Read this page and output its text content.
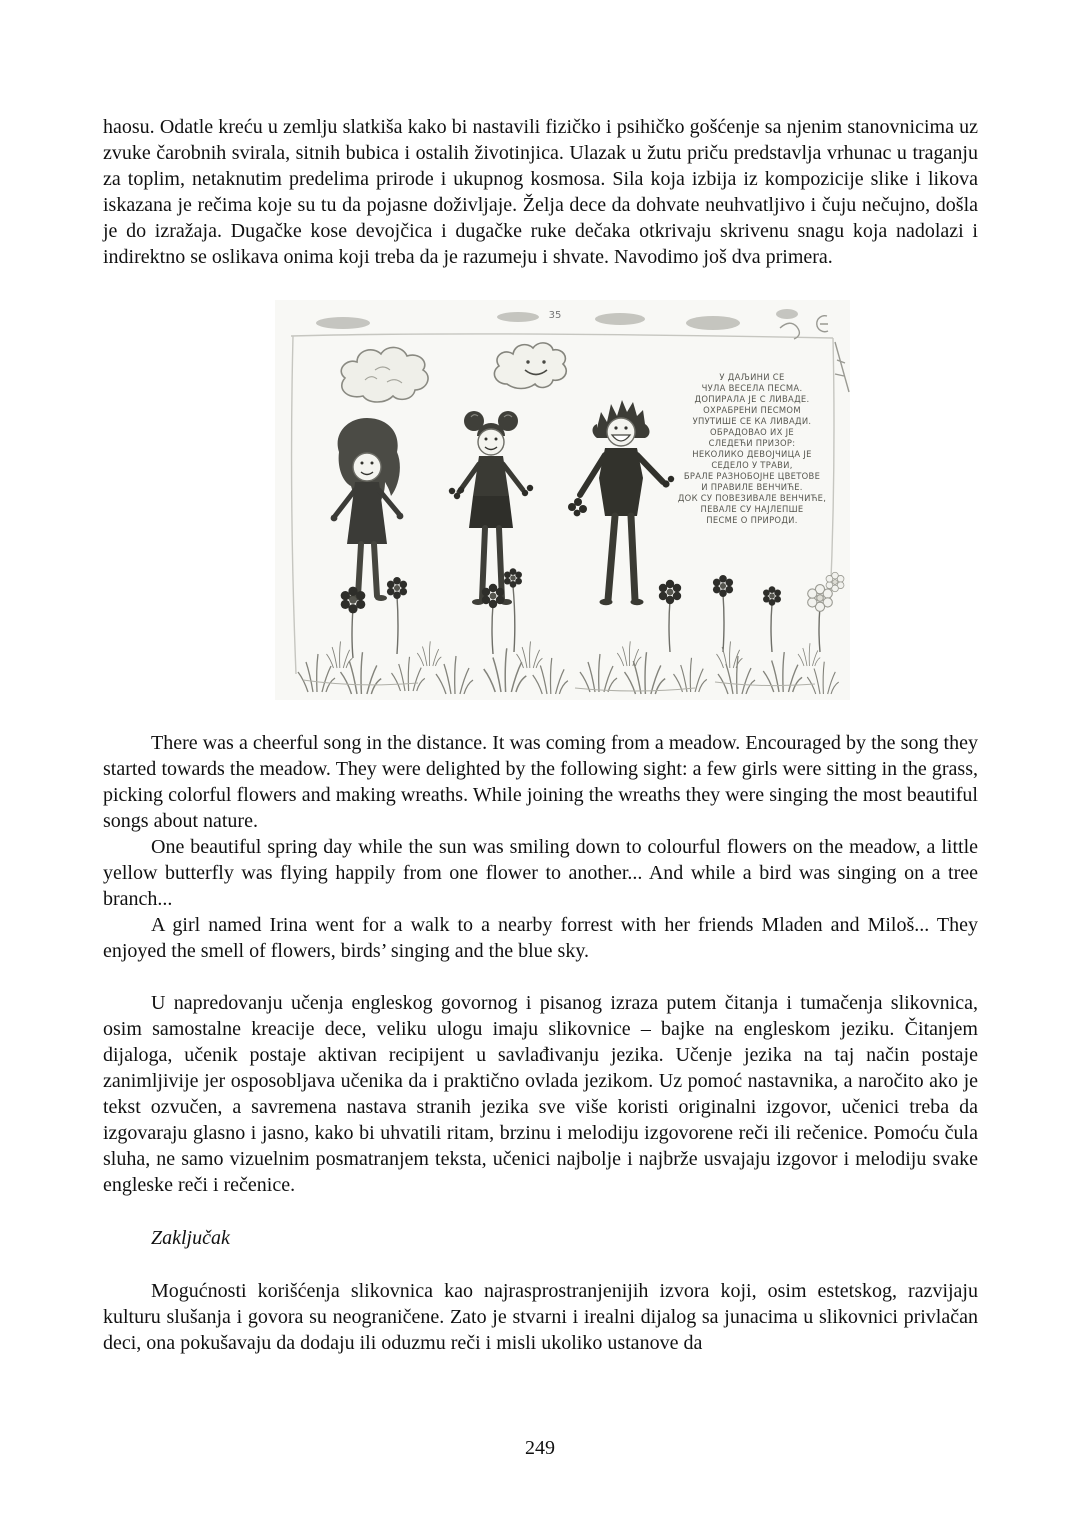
haosu. Odatle kreću u zemlju slatkiša kako bi nastavili fizičko i psihičko gošćenje sa njenim stanovnicima uz zvuke čarobnih svirala, sitnih bubica i ostalih životinjica. Ulazak u žutu priču predstavlja vrhunac u traganju za toplim, netaknutim predelima prirode i ukupnog kosmosa. Sila koja izbija iz kompozicije slike i likova iskazana je rečima koje su tu da pojasne doživljaje. Želja dece da dohvate neuhvatljivo i čuju nečujno, došla je do izražaja. Dugačke kose devojčica i dugačke ruke dečaka otkrivaju skrivenu snagu koja nadolazi i indirektno se oslikava onima koji treba da je razumeju i shvate. Navodimo još dva primera.

35
У ДАЉИНИ СЕ
ЧУЛА ВЕСЕЛА ПЕСМА.
ДОПИРАЛА ЈЕ С ЛИВАДЕ.
ОХРАБРЕНИ ПЕСМОМ
УПУТИШЕ СЕ КА ЛИВАДИ.
ОБРАДОВАО ИХ ЈЕ
СЛЕДЕЋИ ПРИЗОР:
НЕКОЛИКО ДЕВОЈЧИЦА ЈЕ
СЕДЕЛО У ТРАВИ,
БРАЛЕ РАЗНОБОЈНЕ ЦВЕТОВЕ
И ПРАВИЛЕ ВЕНЧИЋЕ.
ДОК СУ ПОВЕЗИВАЛЕ ВЕНЧИЋЕ,
ПЕВАЛЕ СУ НАЈЛЕПШЕ
ПЕСМЕ О ПРИРОДИ.

There was a cheerful song in the distance. It was coming from a meadow. Encouraged by the song they started towards the meadow. They were delighted by the following sight: a few girls were sitting in the grass, picking colorful flowers and making wreaths. While joining the wreaths they were singing the most beautiful songs about nature.

One beautiful spring day while the sun was smiling down to colourful flowers on the meadow, a little yellow butterfly was flying happily from one flower to another... And while a bird was singing on a tree branch...

A girl named Irina went for a walk to a nearby forrest with her friends Mladen and Miloš... They enjoyed the smell of flowers, birds’ singing and the blue sky.

U napredovanju učenja engleskog govornog i pisanog izraza putem čitanja i tumačenja slikovnica, osim samostalne kreacije dece, veliku ulogu imaju slikovnice – bajke na engleskom jeziku. Čitanjem dijaloga, učenik postaje aktivan recipijent u savlađivanju jezika. Učenje jezika na taj način postaje zanimljivije jer osposobljava učenika da i praktično ovlada jezikom. Uz pomoć nastavnika, a naročito ako je tekst ozvučen, a savremena nastava stranih jezika sve više koristi originalni izgovor, učenici treba da izgovaraju glasno i jasno, kako bi uhvatili ritam, brzinu i melodiju izgovorene reči ili rečenice. Pomoću čula sluha, ne samo vizuelnim posmatranjem teksta, učenici najbolje i najbrže usvajaju izgovor i melodiju svake engleske reči i rečenice.

Zaključak

Mogućnosti korišćenja slikovnica kao najrasprostranjenijih izvora koji, osim estetskog, razvijaju kulturu slušanja i govora su neograničene. Zato je stvarni i irealni dijalog sa junacima u slikovnici privlačan deci, ona pokušavaju da dodaju ili oduzmu reči i misli ukoliko ustanove da

249
